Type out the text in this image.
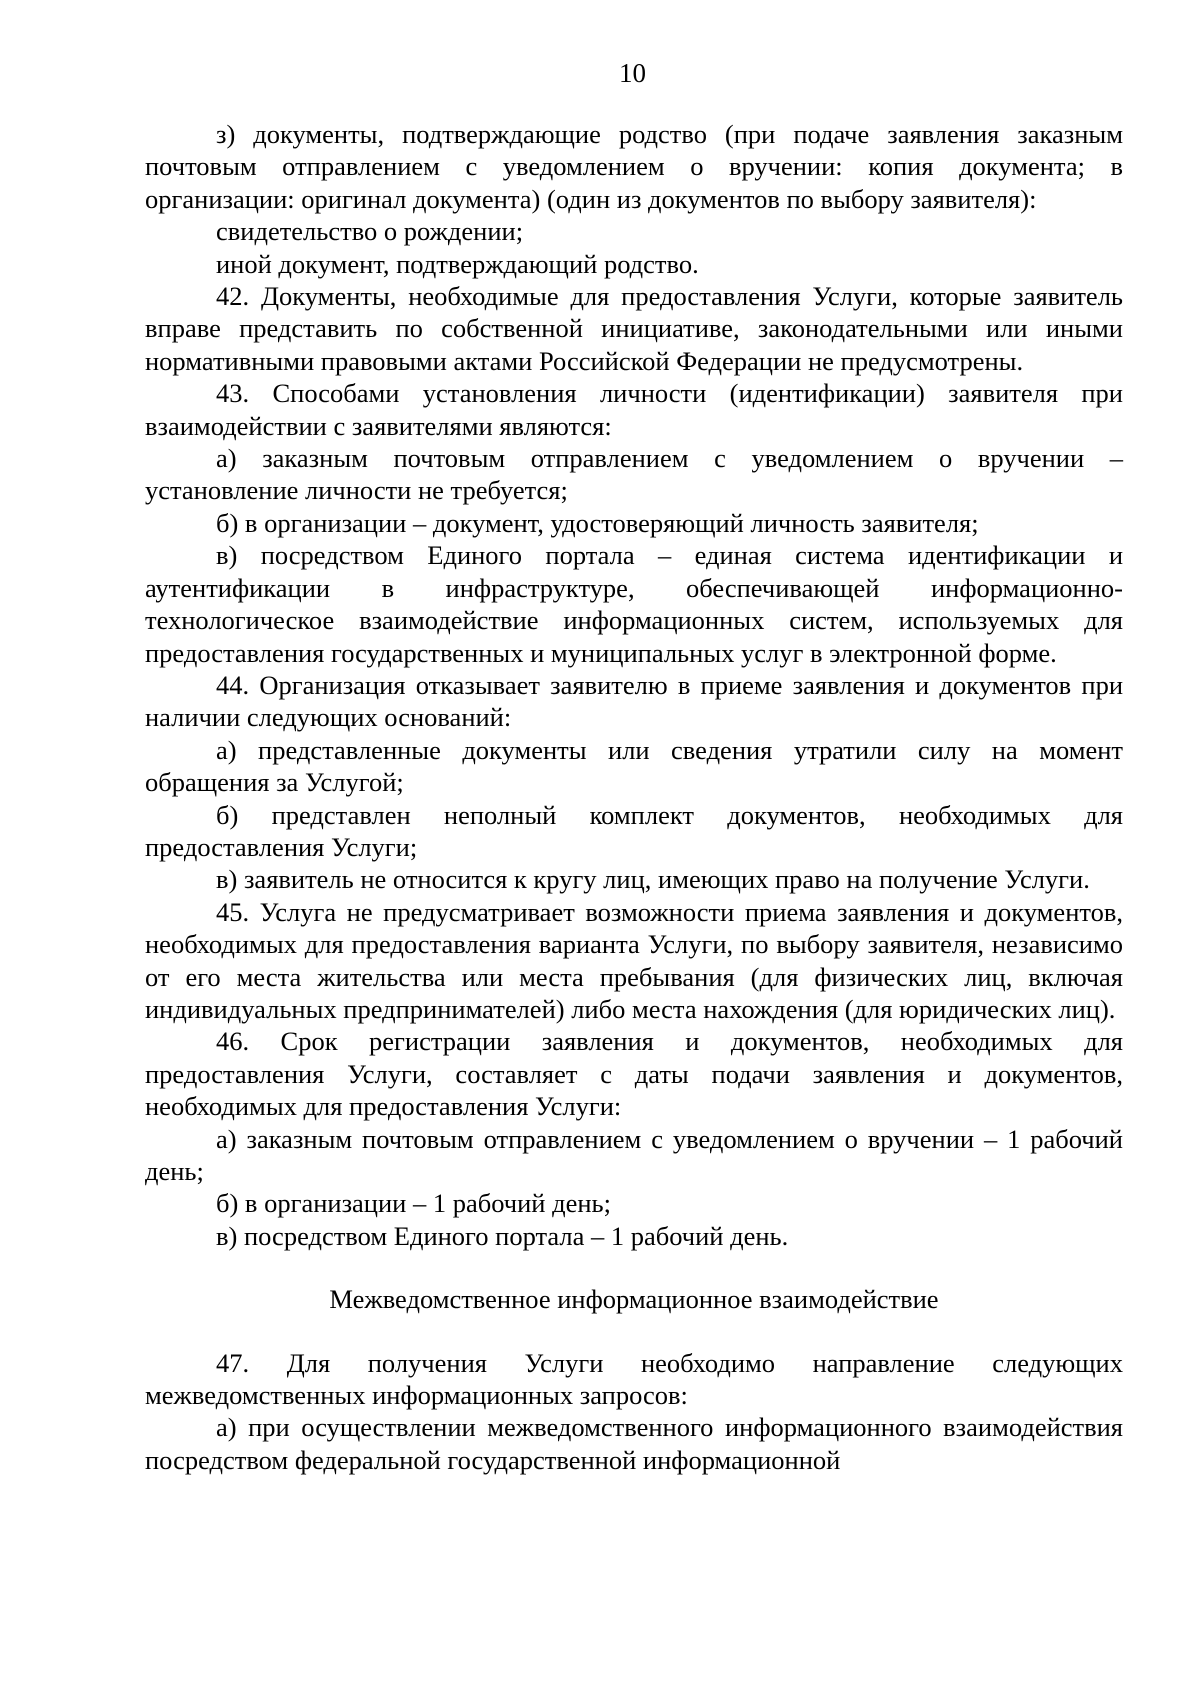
10

з) документы, подтверждающие родство (при подаче заявления заказным почтовым отправлением с уведомлением о вручении: копия документа; в организации: оригинал документа) (один из документов по выбору заявителя):

свидетельство о рождении;

иной документ, подтверждающий родство.

42. Документы, необходимые для предоставления Услуги, которые заявитель вправе представить по собственной инициативе, законодательными или иными нормативными правовыми актами Российской Федерации не предусмотрены.

43. Способами установления личности (идентификации) заявителя при взаимодействии с заявителями являются:

а) заказным почтовым отправлением с уведомлением о вручении – установление личности не требуется;

б) в организации – документ, удостоверяющий личность заявителя;

в) посредством Единого портала – единая система идентификации и аутентификации в инфраструктуре, обеспечивающей информационно-технологическое взаимодействие информационных систем, используемых для предоставления государственных и муниципальных услуг в электронной форме.

44. Организация отказывает заявителю в приеме заявления и документов при наличии следующих оснований:

а) представленные документы или сведения утратили силу на момент обращения за Услугой;

б) представлен неполный комплект документов, необходимых для предоставления Услуги;

в) заявитель не относится к кругу лиц, имеющих право на получение Услуги.

45. Услуга не предусматривает возможности приема заявления и документов, необходимых для предоставления варианта Услуги, по выбору заявителя, независимо от его места жительства или места пребывания (для физических лиц, включая индивидуальных предпринимателей) либо места нахождения (для юридических лиц).

46. Срок регистрации заявления и документов, необходимых для предоставления Услуги, составляет с даты подачи заявления и документов, необходимых для предоставления Услуги:

а) заказным почтовым отправлением с уведомлением о вручении – 1 рабочий день;

б) в организации – 1 рабочий день;

в) посредством Единого портала – 1 рабочий день.

Межведомственное информационное взаимодействие

47. Для получения Услуги необходимо направление следующих межведомственных информационных запросов:

а) при осуществлении межведомственного информационного взаимодействия посредством федеральной государственной информационной
